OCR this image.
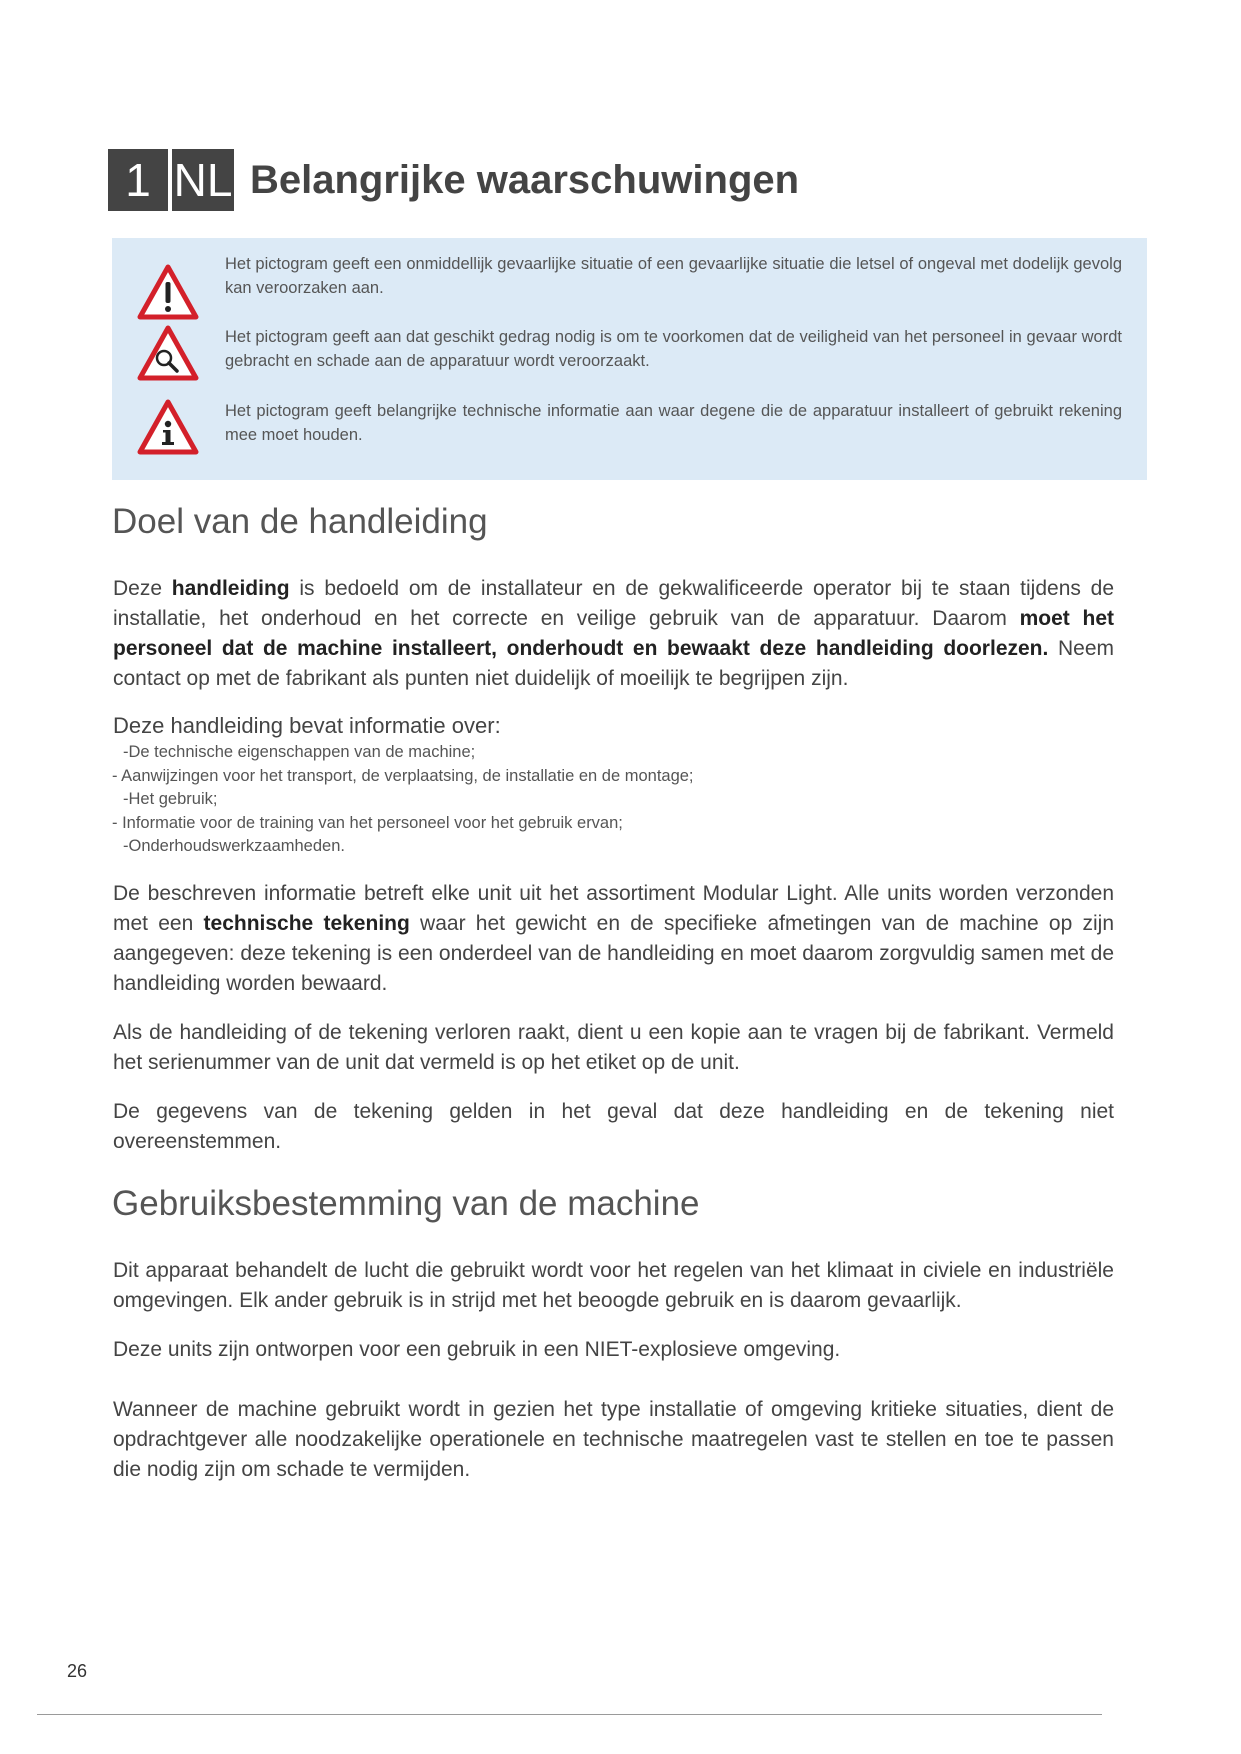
1 NL Belangrijke waarschuwingen
Het pictogram geeft een onmiddellijk gevaarlijke situatie of een gevaarlijke situatie die letsel of ongeval met dodelijk gevolg kan veroorzaken aan.
Het pictogram geeft aan dat geschikt gedrag nodig is om te voorkomen dat de veiligheid van het personeel in gevaar wordt gebracht en schade aan de apparatuur wordt veroorzaakt.
Het pictogram geeft belangrijke technische informatie aan waar degene die de apparatuur installeert of gebruikt rekening mee moet houden.
Doel van de handleiding

Deze handleiding is bedoeld om de installateur en de gekwalificeerde operator bij te staan tijdens de installatie, het onderhoud en het correcte en veilige gebruik van de apparatuur. Daarom moet het personeel dat de machine installeert, onderhoudt en bewaakt deze handleiding doorlezen. Neem contact op met de fabrikant als punten niet duidelijk of moeilijk te begrijpen zijn.

Deze handleiding bevat informatie over:

-De technische eigenschappen van de machine;
- Aanwijzingen voor het transport, de verplaatsing, de installatie en de montage;
-Het gebruik;
- Informatie voor de training van het personeel voor het gebruik ervan;
-Onderhoudswerkzaamheden.

De beschreven informatie betreft elke unit uit het assortiment Modular Light. Alle units worden verzonden met een technische tekening waar het gewicht en de specifieke afmetingen van de machine op zijn aangegeven: deze tekening is een onderdeel van de handleiding en moet daarom zorgvuldig samen met de handleiding worden bewaard.

Als de handleiding of de tekening verloren raakt, dient u een kopie aan te vragen bij de fabrikant. Vermeld het serienummer van de unit dat vermeld is op het etiket op de unit.

De gegevens van de tekening gelden in het geval dat deze handleiding en de tekening niet overeenstemmen.

Gebruiksbestemming van de machine

Dit apparaat behandelt de lucht die gebruikt wordt voor het regelen van het klimaat in civiele en industriële omgevingen. Elk ander gebruik is in strijd met het beoogde gebruik en is daarom gevaarlijk.

Deze units zijn ontworpen voor een gebruik in een NIET-explosieve omgeving.

Wanneer de machine gebruikt wordt in gezien het type installatie of omgeving kritieke situaties, dient de opdrachtgever alle noodzakelijke operationele en technische maatregelen vast te stellen en toe te passen die nodig zijn om schade te vermijden.

26
